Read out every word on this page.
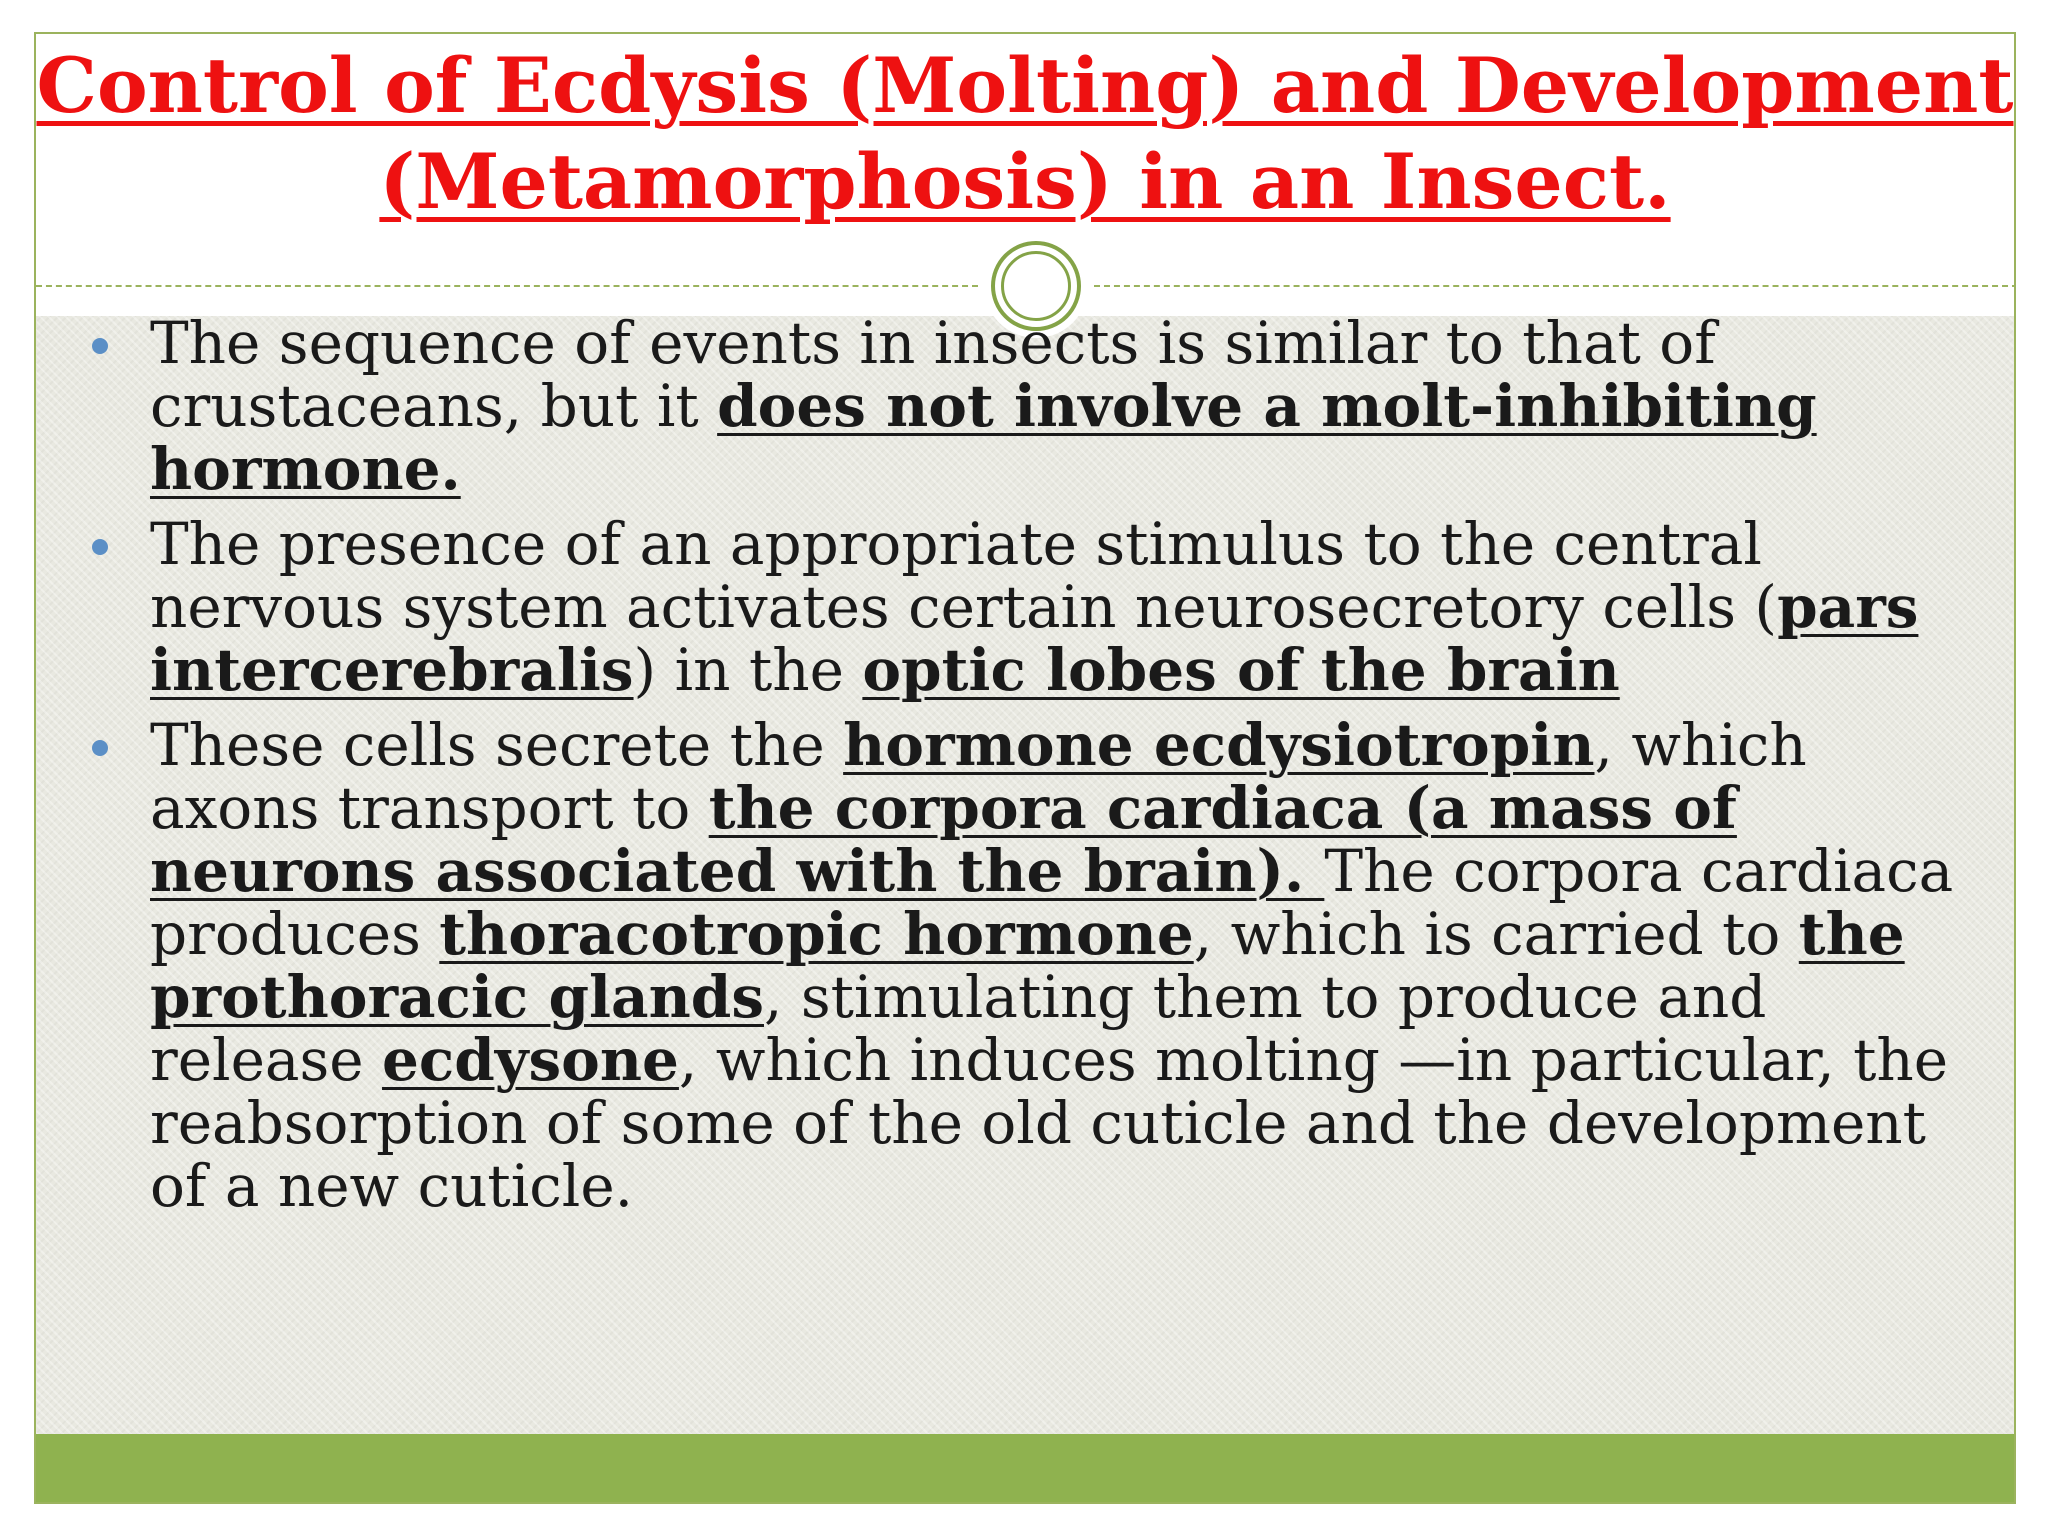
Control of Ecdysis (Molting) and Development (Metamorphosis) in an Insect.
The sequence of events in insects is similar to that of crustaceans, but it does not involve a molt-inhibiting hormone.
The presence of an appropriate stimulus to the central nervous system activates certain neurosecretory cells (pars intercerebralis) in the optic lobes of the brain
These cells secrete the hormone ecdysiotropin, which axons transport to the corpora cardiaca (a mass of neurons associated with the brain). The corpora cardiaca produces thoracotropic hormone, which is carried to the prothoracic glands, stimulating them to produce and release ecdysone, which induces molting —in particular, the reabsorption of some of the old cuticle and the development of a new cuticle.
